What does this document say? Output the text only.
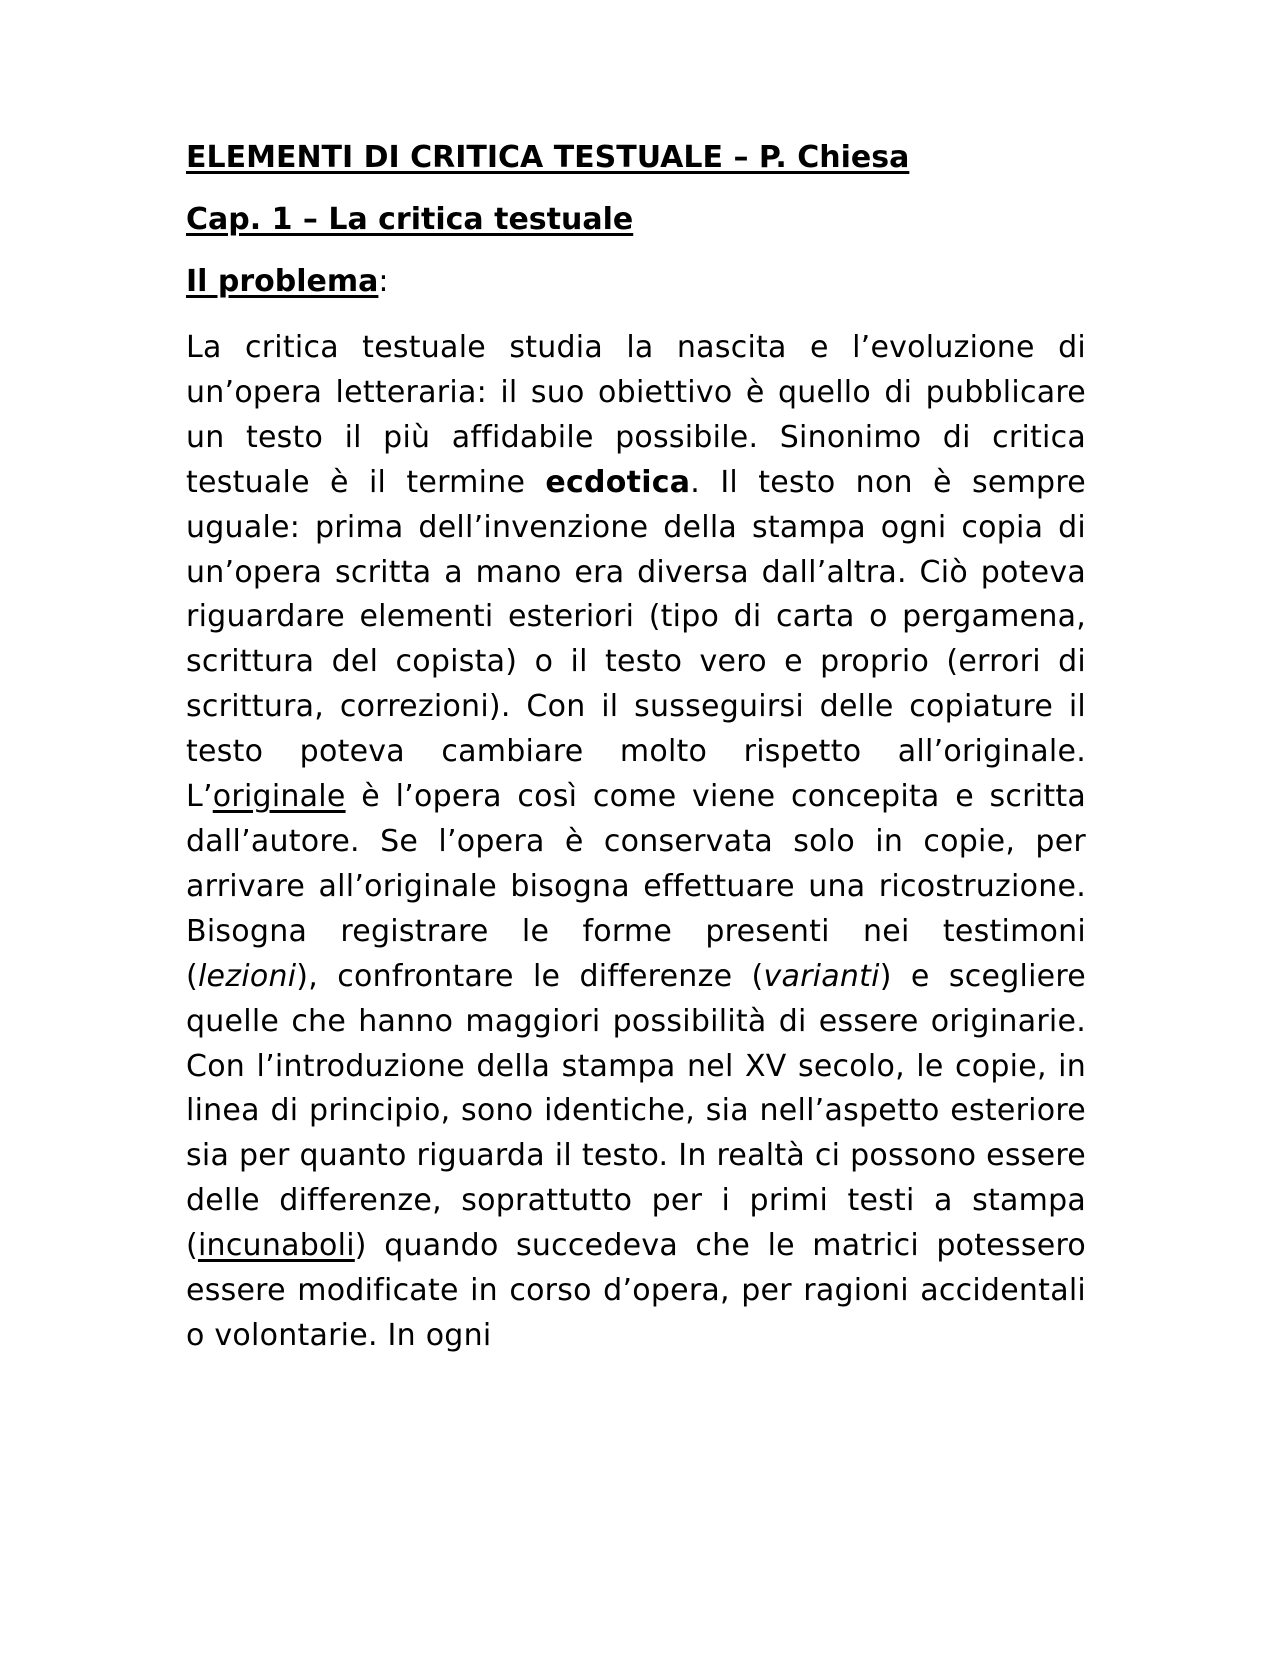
ELEMENTI DI CRITICA TESTUALE – P. Chiesa

Cap. 1 – La critica testuale

Il problema:

La critica testuale studia la nascita e l’evoluzione di un’opera letteraria: il suo obiettivo è quello di pubblicare un testo il più affidabile possibile. Sinonimo di critica testuale è il termine ecdotica. Il testo non è sempre uguale: prima dell’invenzione della stampa ogni copia di un’opera scritta a mano era diversa dall’altra. Ciò poteva riguardare elementi esteriori (tipo di carta o pergamena, scrittura del copista) o il testo vero e proprio (errori di scrittura, correzioni). Con il susseguirsi delle copiature il testo poteva cambiare molto rispetto all’originale. L’originale è l’opera così come viene concepita e scritta dall’autore. Se l’opera è conservata solo in copie, per arrivare all’originale bisogna effettuare una ricostruzione. Bisogna registrare le forme presenti nei testimoni (lezioni), confrontare le differenze (varianti) e scegliere quelle che hanno maggiori possibilità di essere originarie. Con l’introduzione della stampa nel XV secolo, le copie, in linea di principio, sono identiche, sia nell’aspetto esteriore sia per quanto riguarda il testo. In realtà ci possono essere delle differenze, soprattutto per i primi testi a stampa (incunaboli) quando succedeva che le matrici potessero essere modificate in corso d’opera, per ragioni accidentali o volontarie. In ogni
